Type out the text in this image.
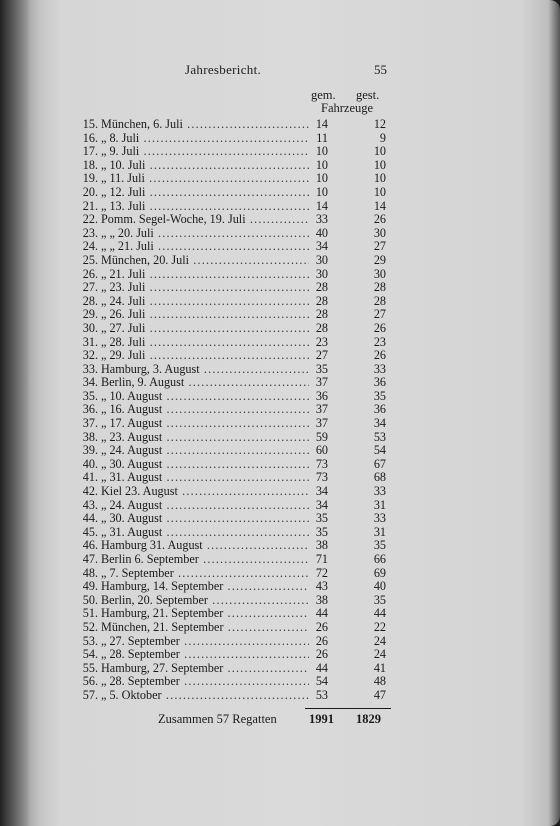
Jahresbericht.	55
gem. gest.
Fahrzeuge
15. München, 6. Juli .....	14	12
16. „ 8. Juli .....	11	9
17. „ 9. Juli .....	10	10
18. „ 10. Juli .....	10	10
19. „ 11. Juli .....	10	10
20. „ 12. Juli .....	10	10
21. „ 13. Juli .....	14	14
22. Pomm. Segel-Woche, 19. Juli .....	33	26
23. „ „ 20. Juli .....	40	30
24. „ „ 21. Juli .....	34	27
25. München, 20. Juli .....	30	29
26. „ 21. Juli .....	30	30
27. „ 23. Juli .....	28	28
28. „ 24. Juli .....	28	28
29. „ 26. Juli .....	28	27
30. „ 27. Juli .....	28	26
31. „ 28. Juli .....	23	23
32. „ 29. Juli .....	27	26
33. Hamburg, 3. August .....	35	33
34. Berlin, 9. August .....	37	36
35. „ 10. August .....	36	35
36. „ 16. August .....	37	36
37. „ 17. August .....	37	34
38. „ 23. August .....	59	53
39. „ 24. August .....	60	54
40. „ 30. August .....	73	67
41. „ 31. August .....	73	68
42. Kiel 23. August .....	34	33
43. „ 24. August .....	34	31
44. „ 30. August .....	35	33
45. „ 31. August .....	35	31
46. Hamburg 31. August .....	38	35
47. Berlin 6. September .....	71	66
48. „ 7. September .....	72	69
49. Hamburg, 14. September .....	43	40
50. Berlin, 20. September .....	38	35
51. Hamburg, 21. September .....	44	44
52. München, 21. September .....	26	22
53. „ 27. September .....	26	24
54. „ 28. September .....	26	24
55. Hamburg, 27. September .....	44	41
56. „ 28. September .....	54	48
57. „ 5. Oktober .....	53	47
Zusammen 57 Regatten	1991 1829
